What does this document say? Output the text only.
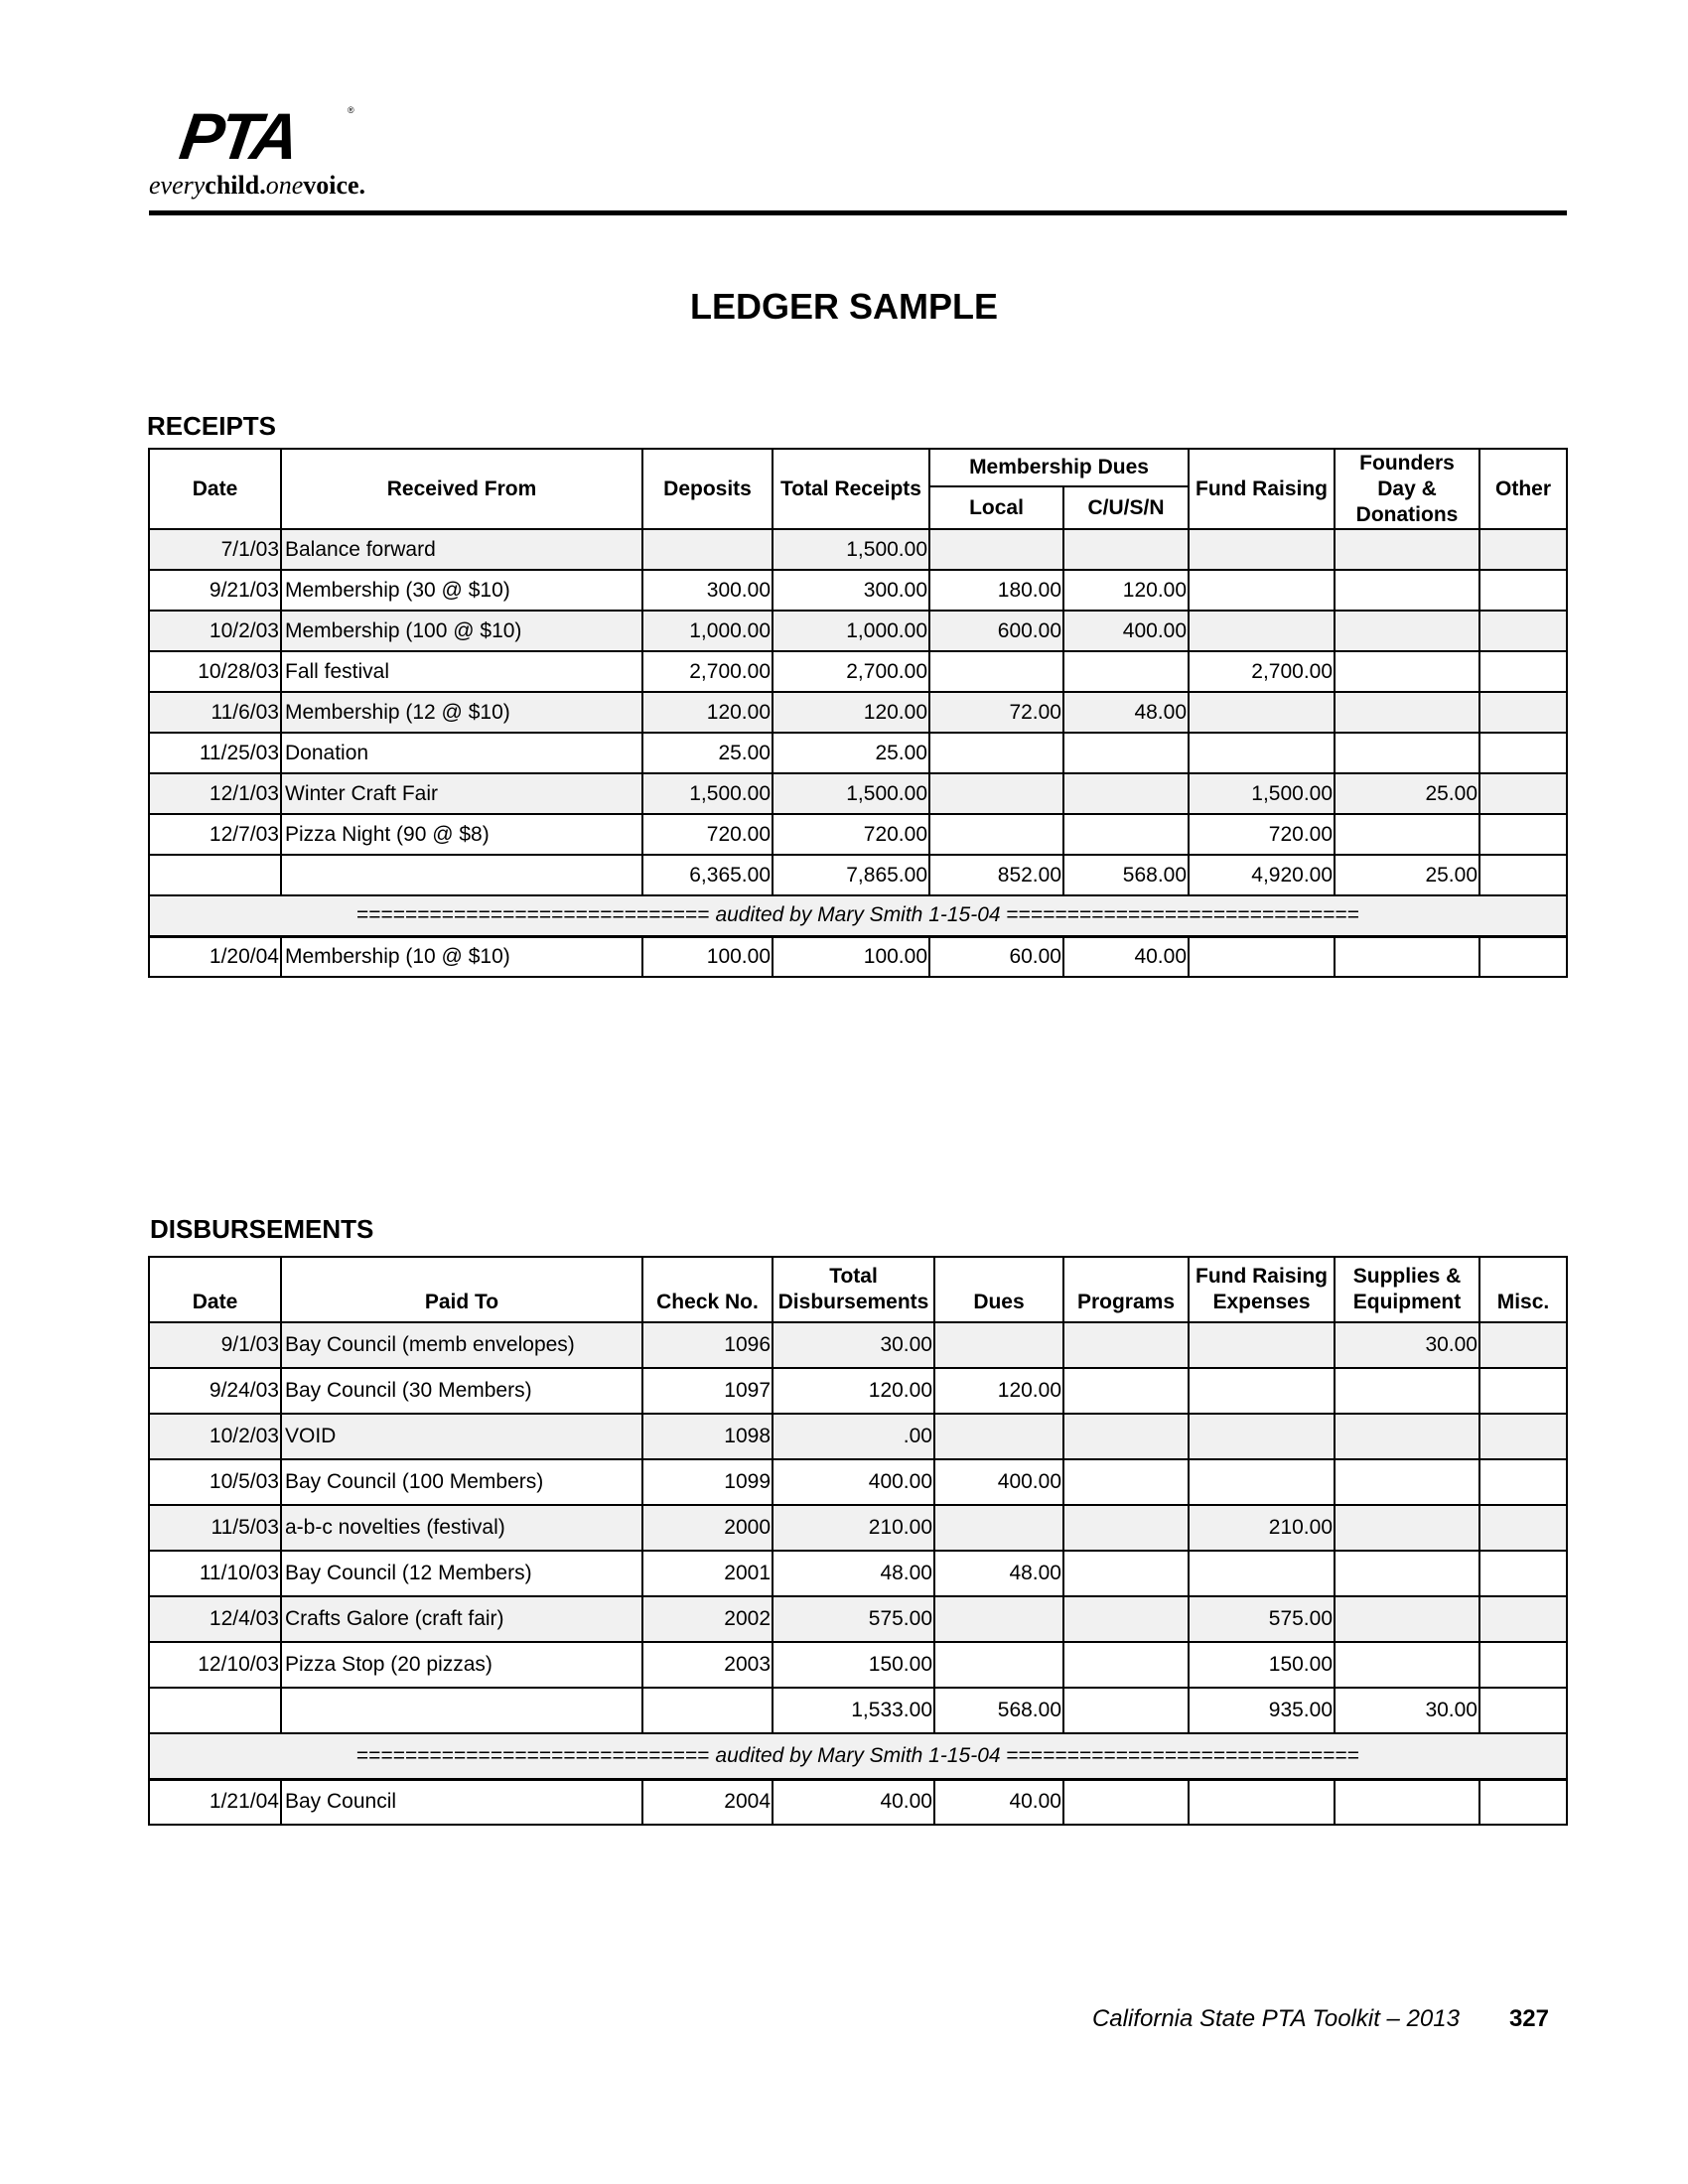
PTA	®
everychild.onevoice.
LEDGER SAMPLE
RECEIPTS
Date	Received From	Deposits	Total Receipts	Membership Dues		Fund Raising	Founders
Day &
Donations	Other
				Local	C/U/S/N			
7/1/03	Balance forward		1,500.00					
9/21/03	Membership (30 @ $10)	300.00	300.00	180.00	120.00			
10/2/03	Membership (100 @ $10)	1,000.00	1,000.00	600.00	400.00			
10/28/03	Fall festival	2,700.00	2,700.00			2,700.00		
11/6/03	Membership (12 @ $10)	120.00	120.00	72.00	48.00			
11/25/03	Donation	25.00	25.00					
12/1/03	Winter Craft Fair	1,500.00	1,500.00			1,500.00	25.00	
12/7/03	Pizza Night (90 @ $8)	720.00	720.00			720.00		
		6,365.00	7,865.00	852.00	568.00	4,920.00	25.00	
============================= audited by Mary Smith 1-15-04 =============================								
1/20/04	Membership (10 @ $10)	100.00	100.00	60.00	40.00			
DISBURSEMENTS
Date	Paid To	Check No.	Total
Disbursements	Dues	Programs	Fund Raising
Expenses	Supplies &
Equipment	Misc.
9/1/03	Bay Council (memb envelopes)	1096	30.00				30.00	
9/24/03	Bay Council (30 Members)	1097	120.00	120.00				
10/2/03	VOID	1098	.00					
10/5/03	Bay Council (100 Members)	1099	400.00	400.00				
11/5/03	a-b-c novelties (festival)	2000	210.00			210.00		
11/10/03	Bay Council (12 Members)	2001	48.00	48.00				
12/4/03	Crafts Galore (craft fair)	2002	575.00			575.00		
12/10/03	Pizza Stop (20 pizzas)	2003	150.00			150.00		
			1,533.00	568.00		935.00	30.00	
============================= audited by Mary Smith 1-15-04 =============================								
1/21/04	Bay Council	2004	40.00	40.00				
California State PTA Toolkit – 2013 327
